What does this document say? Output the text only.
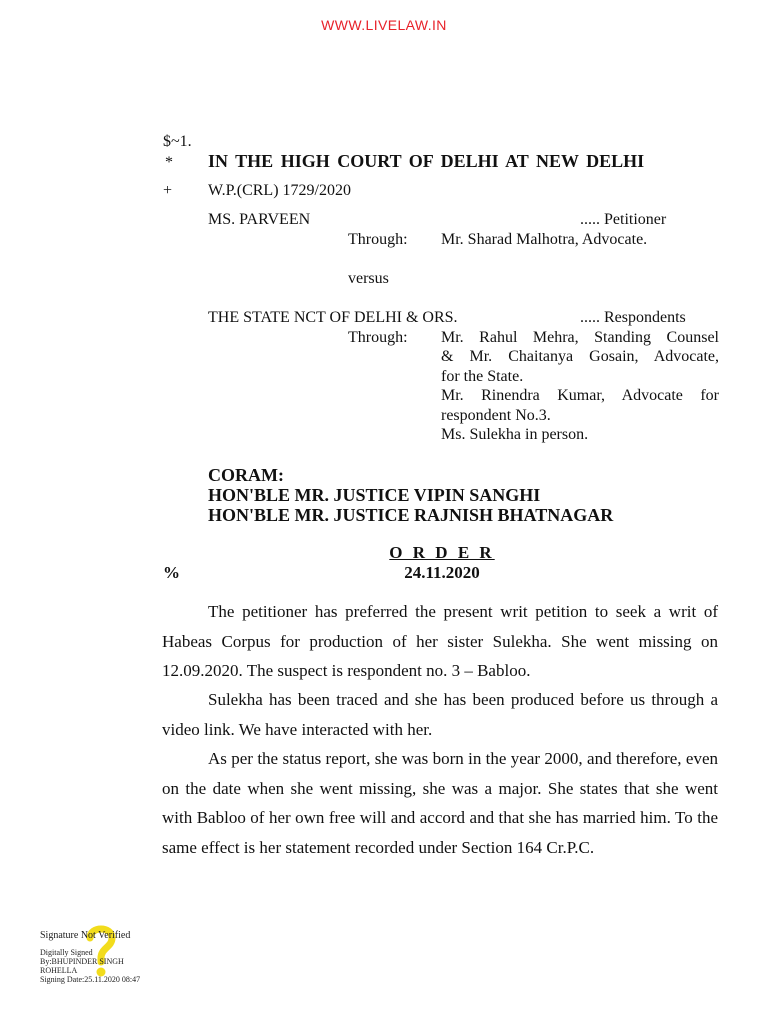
WWW.LIVELAW.IN
$~1.
* IN THE HIGH COURT OF DELHI AT NEW DELHI
+ W.P.(CRL) 1729/2020
MS. PARVEEN	..... Petitioner
Through: Mr. Sharad Malhotra, Advocate.
versus
THE STATE NCT OF DELHI & ORS.	..... Respondents
Through: Mr. Rahul Mehra, Standing Counsel
& Mr. Chaitanya Gosain, Advocate,
for the State.
Mr. Rinendra Kumar, Advocate for
respondent No.3.
Ms. Sulekha in person.
CORAM:
HON'BLE MR. JUSTICE VIPIN SANGHI
HON'BLE MR. JUSTICE RAJNISH BHATNAGAR
O R D E R
%	24.11.2020

The petitioner has preferred the present writ petition to seek a writ of Habeas Corpus for production of her sister Sulekha. She went missing on 12.09.2020. The suspect is respondent no. 3 – Babloo.

Sulekha has been traced and she has been produced before us through a video link. We have interacted with her.

As per the status report, she was born in the year 2000, and therefore, even on the date when she went missing, she was a major. She states that she went with Babloo of her own free will and accord and that she has married him. To the same effect is her statement recorded under Section 164 Cr.P.C.

Signature Not Verified
Digitally Signed
By:BHUPINDER SINGH
ROHELLA
Signing Date:25.11.2020 08:47
